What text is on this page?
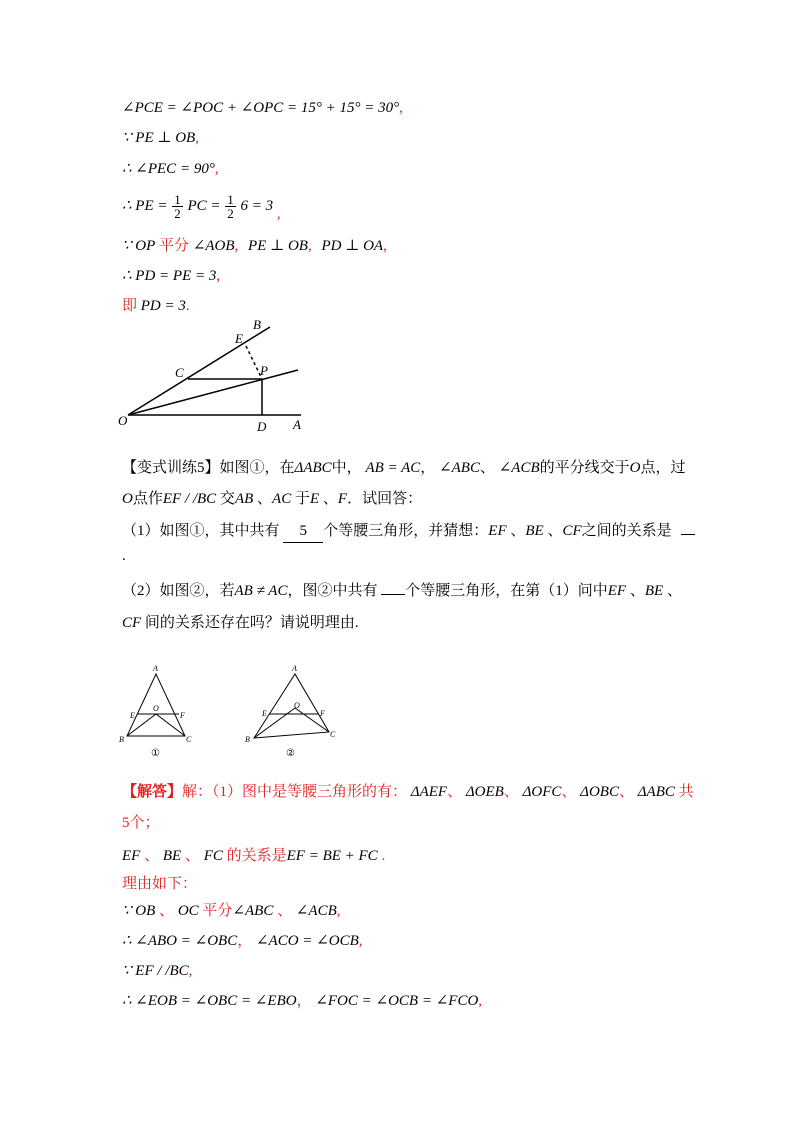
∠PCE = ∠POC + ∠OPC = 15° + 15° = 30°,
∵ PE ⊥ OB,
∴ ∠PEC = 90°,
∴ PE = $\frac{1}{2}$ PC = $\frac{1}{2} 6 = 3$ ,
∵ OP 平分 ∠AOB, PE ⊥ OB, PD ⊥ OA,
∴ PD = PE = 3,
即 PD = 3.
B
E
C	P
O	D A
【变式训练5】如图①，在ΔABC中， AB = AC， ∠ABC、 ∠ACB的平分线交于O点，过
O点作EF / /BC 交AB 、AC 于E 、F．试回答：
（1）如图①，其中共有 5 个等腰三角形，并猜想：EF 、BE 、CF之间的关系是
.
（2）如图②，若AB ≠ AC，图②中共有 个等腰三角形，在第（1）问中EF 、BE 、
CF 间的关系还存在吗？请说明理由.
A
E
O
F
B	C
①
A
E
O
F
B
C
②
【解答】解：（1）图中是等腰三角形的有： ΔAEF、 ΔOEB、 ΔOFC、 ΔOBC、 ΔABC 共
5个；
EF 、 BE 、 FC 的关系是EF = BE + FC .
理由如下：
∵ OB 、 OC 平分∠ABC 、 ∠ACB,
∴ ∠ABO = ∠OBC， ∠ACO = ∠OCB,
∵ EF / /BC,
∴ ∠EOB = ∠OBC = ∠EBO， ∠FOC = ∠OCB = ∠FCO,
